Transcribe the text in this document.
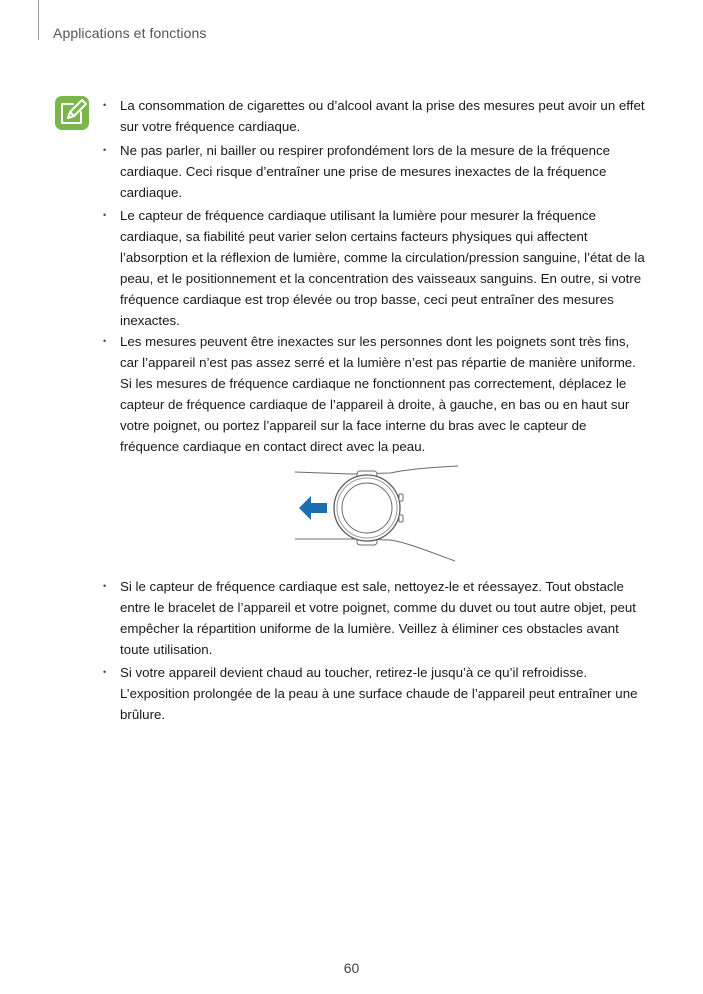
Applications et fonctions
• La consommation de cigarettes ou d’alcool avant la prise des mesures peut avoir un effet sur votre fréquence cardiaque.
• Ne pas parler, ni bailler ou respirer profondément lors de la mesure de la fréquence cardiaque. Ceci risque d’entraîner une prise de mesures inexactes de la fréquence cardiaque.
• Le capteur de fréquence cardiaque utilisant la lumière pour mesurer la fréquence cardiaque, sa fiabilité peut varier selon certains facteurs physiques qui affectent l’absorption et la réflexion de lumière, comme la circulation/pression sanguine, l’état de la peau, et le positionnement et la concentration des vaisseaux sanguins. En outre, si votre fréquence cardiaque est trop élevée ou trop basse, ceci peut entraîner des mesures inexactes.
• Les mesures peuvent être inexactes sur les personnes dont les poignets sont très fins, car l’appareil n’est pas assez serré et la lumière n’est pas répartie de manière uniforme. Si les mesures de fréquence cardiaque ne fonctionnent pas correctement, déplacez le capteur de fréquence cardiaque de l’appareil à droite, à gauche, en bas ou en haut sur votre poignet, ou portez l’appareil sur la face interne du bras avec le capteur de fréquence cardiaque en contact direct avec la peau.
• Si le capteur de fréquence cardiaque est sale, nettoyez-le et réessayez. Tout obstacle entre le bracelet de l’appareil et votre poignet, comme du duvet ou tout autre objet, peut empêcher la répartition uniforme de la lumière. Veillez à éliminer ces obstacles avant toute utilisation.
• Si votre appareil devient chaud au toucher, retirez-le jusqu’à ce qu’il refroidisse. L’exposition prolongée de la peau à une surface chaude de l’appareil peut entraîner une brûlure.
60
